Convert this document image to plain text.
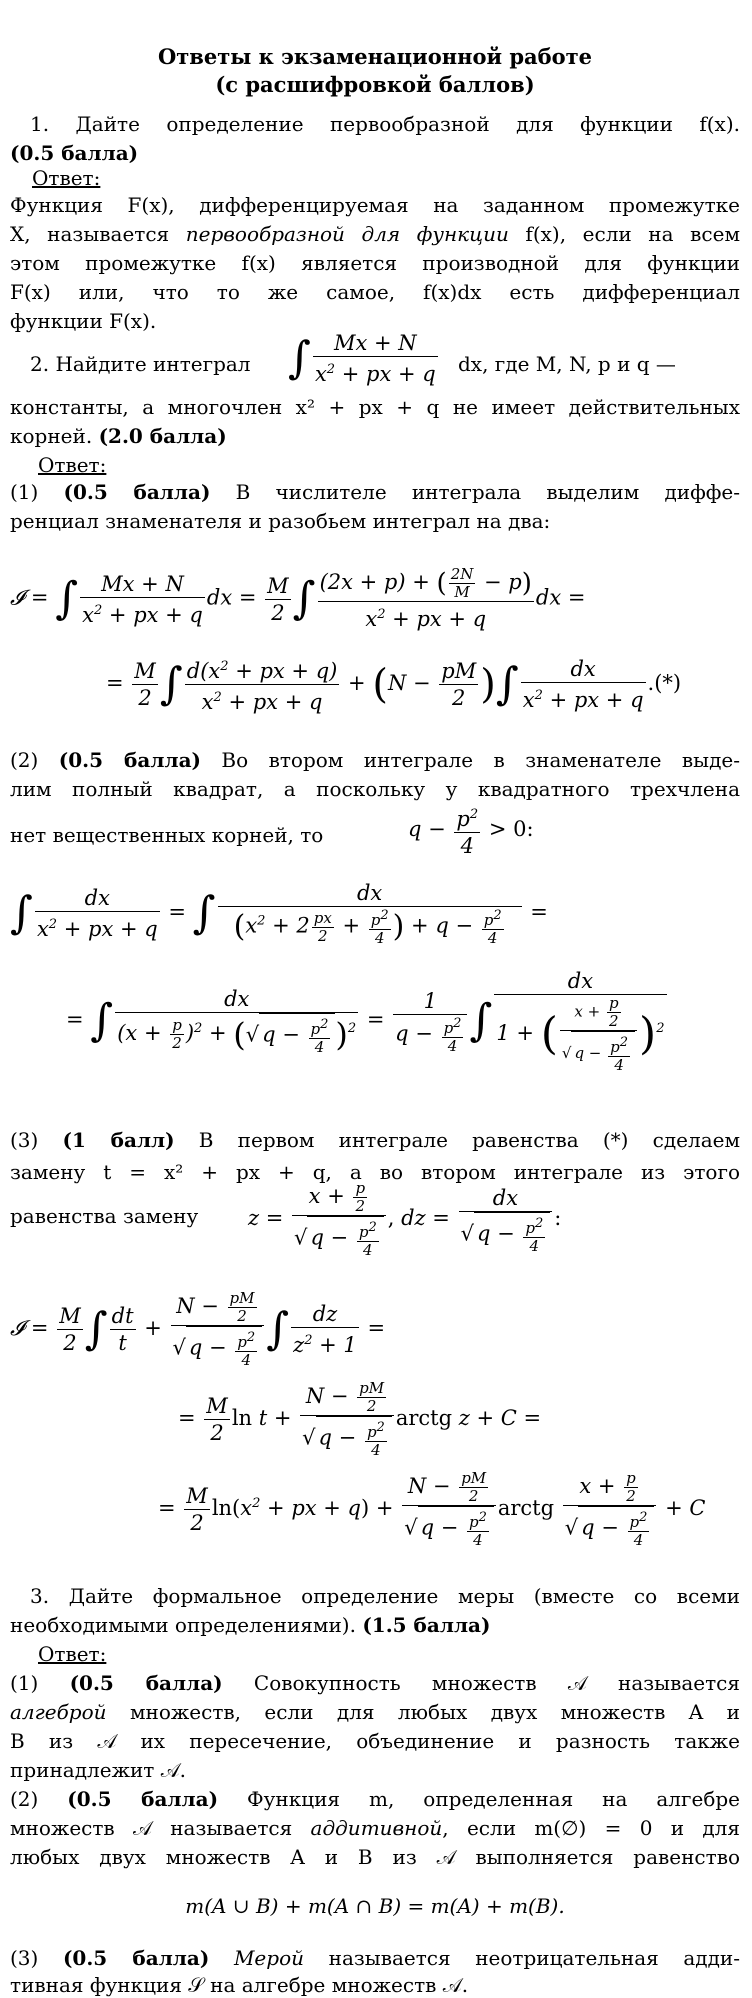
Ответы к экзаменационной работе
(с расшифровкой баллов)
1. Дайте определение первообразной для функции f(x).
(0.5 балла)
Ответ:
Функция F(x), дифференцируемая на заданном промежутке
X, называется первообразной для функции f(x), если на всем
этом промежутке f(x) является производной для функции
F(x) или, что то же самое, f(x)dx есть дифференциал
функции F(x).
2. Найдите интеграл ∫ $\frac{Mx + N}{x^2 + px + q}$ dx, где M, N, p и q —
константы, а многочлен x² + px + q не имеет действительных
корней. (2.0 балла)
Ответ:
(1) (0.5 балла) В числителе интеграла выделим диффе-
ренциал знаменателя и разобьем интеграл на два:
𝓘 = ∫ $\frac{Mx + N}{x^2 + px + q}$ dx = $\frac{M}{2}$ ∫ $\frac{(2x + p) + ( \frac{2N}{M} - p)}{x^2 + px + q}$ dx =
= $\frac{M}{2}$ ∫ $\frac{d(x^2 + px + q)}{x^2 + px + q} + (N - \frac{pM}{2}$ )∫ $\frac{dx}{x^2 + px + q}$ .(*)
(2) (0.5 балла) Во втором интеграле в знаменателе выде-
лим полный квадрат, а поскольку у квадратного трехчлена
нет вещественных корней, то	$q - \frac{p^2}{4} > 0$:
∫ $\frac{dx}{x^2 + px + q}$ = ∫ $\frac{dx}{(x^2 + 2 \frac{px}{2} + \frac{p^2}{4} ) + q - \frac{p^2}{4}}$ =
= ∫ $\frac{dx}{(x + \frac{p}{2} )^2 + (√ q - \frac{p^2}{4} )^2} = \frac{1}{q - \frac{p^2}{4}}$ ∫ $\frac{dx}{1 + ( \frac{x + \frac{p}{2}}{√ q - \frac{p^2}{4}} )^2}$
(3) (1 балл) В первом интеграле равенства (*) сделаем
замену t = x² + px + q, а во втором интеграле из этого
равенства замену	$z = \frac{x + \frac{p}{2}}{√ q - \frac{p^2}{4}}$ , dz = $\frac{dx}{√ q - \frac{p^2}{4}}$ :
𝓘 = $\frac{M}{2}$ ∫ $\frac{dt}{t} + \frac{N - \frac{pM}{2}}{√ q - \frac{p^2}{4}}$ ∫ $\frac{dz}{z^2 + 1}$ =
= $\frac{M}{2}$ $\ln t + \frac{N - \frac{pM}{2}}{√ q - \frac{p^2}{4}}$ arctg z + C =
= $\frac{M}{2} \ln(x^2$ + px + $q) + \frac{N - \frac{pM}{2}}{√ q - \frac{p^2}{4}}$ arctg $\frac{x + \frac{p}{2}}{√ q - \frac{p^2}{4}} + C$
3. Дайте формальное определение меры (вместе со всеми
необходимыми определениями). (1.5 балла)
Ответ:
(1) (0.5 балла) Совокупность множеств 𝒜 называется
алгеброй множеств, если для любых двух множеств A и
B из 𝒜 их пересечение, объединение и разность также
принадлежит 𝒜.
(2) (0.5 балла) Функция m, определенная на алгебре
множеств 𝒜 называется аддитивной, если m(∅) = 0 и для
любых двух множеств A и B из 𝒜 выполняется равенство
m(A ∪ B) + m(A ∩ B) = m(A) + m(B).
(3) (0.5 балла) Мерой называется неотрицательная адди-
тивная функция 𝒮 на алгебре множеств 𝒜.
